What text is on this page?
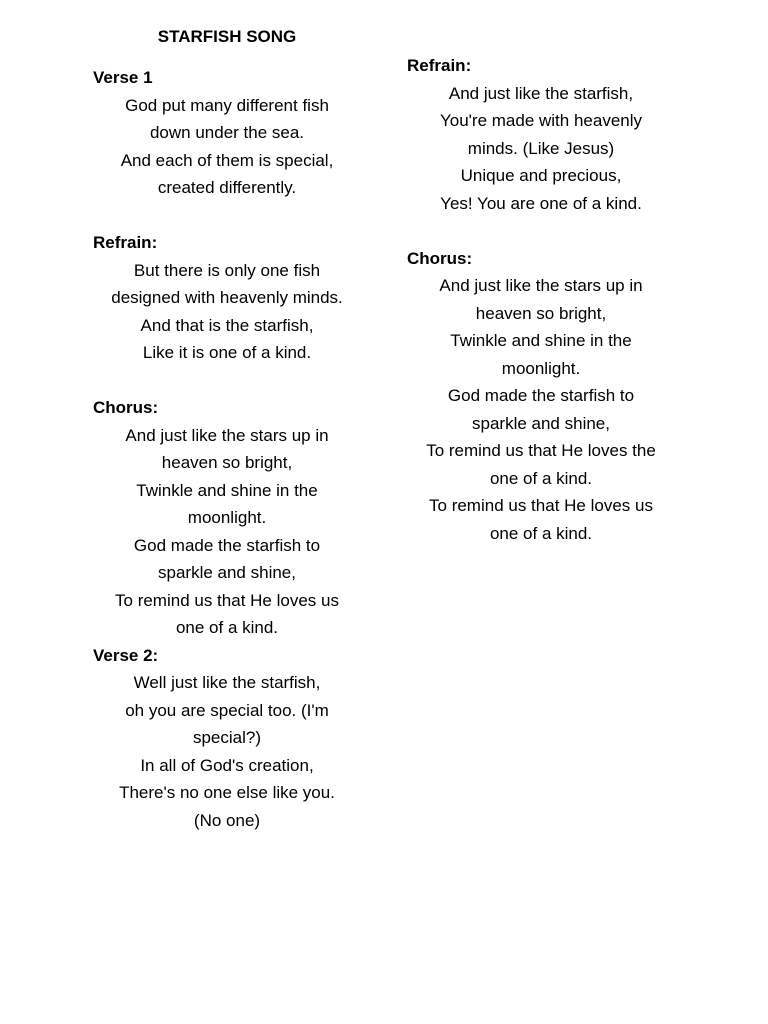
STARFISH SONG
Verse 1
God put many different fish
down under the sea.
And each of them is special,
created differently.
Refrain:
But there is only one fish
designed with heavenly minds.
And that is the starfish,
Like it is one of a kind.
Chorus:
And just like the stars up in
heaven so bright,
Twinkle and shine in the
moonlight.
God made the starfish to
sparkle and shine,
To remind us that He loves us
one of a kind.
Verse 2:
Well just like the starfish,
oh you are special too. (I'm
special?)
In all of God's creation,
There's no one else like you.
(No one)
Refrain:
And just like the starfish,
You're made with heavenly
minds. (Like Jesus)
Unique and precious,
Yes! You are one of a kind.
Chorus:
And just like the stars up in
heaven so bright,
Twinkle and shine in the
moonlight.
God made the starfish to
sparkle and shine,
To remind us that He loves the
one of a kind.
To remind us that He loves us
one of a kind.
